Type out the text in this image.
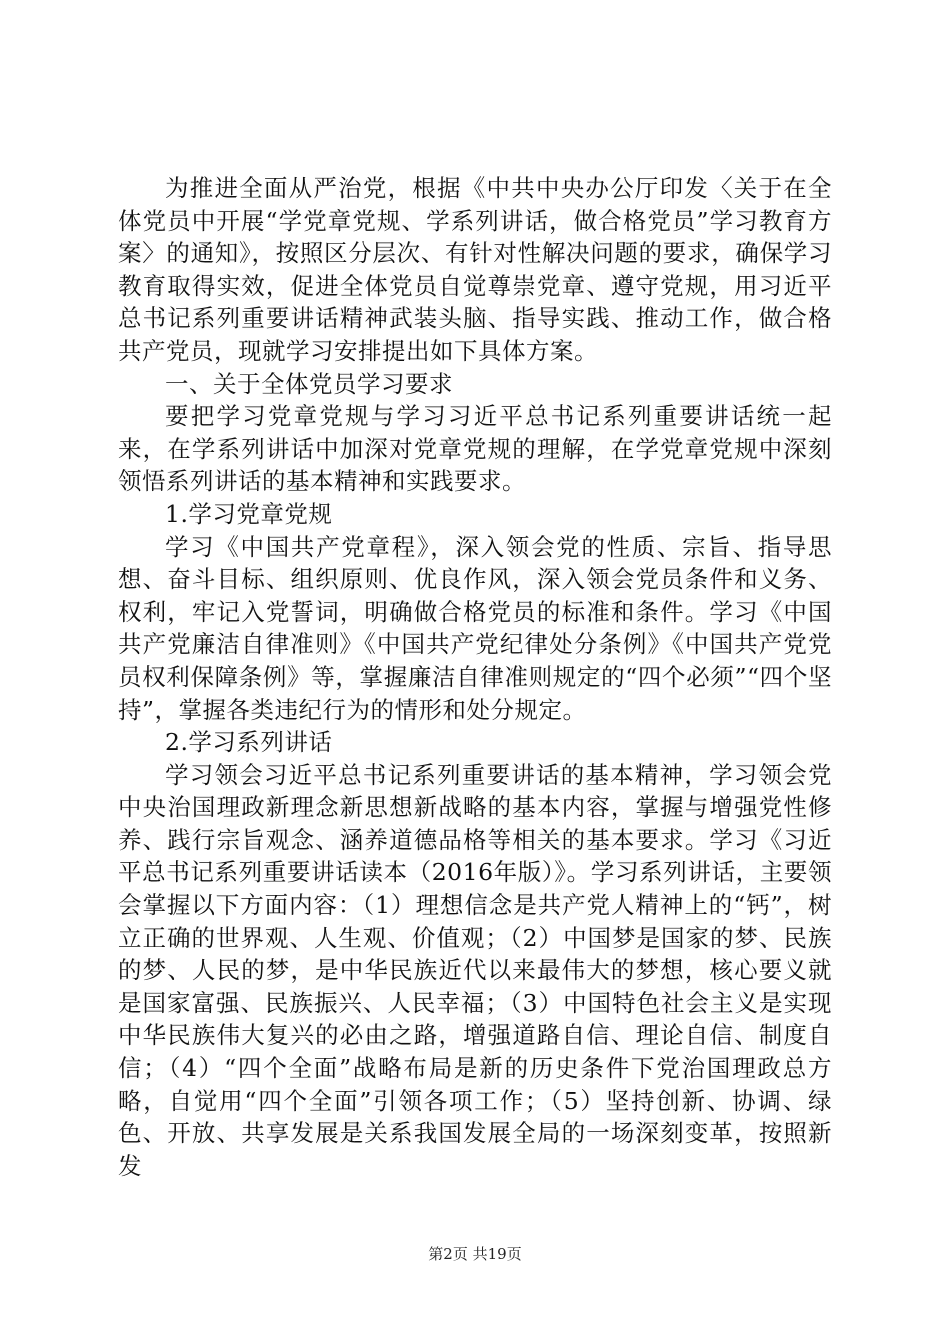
为推进全面从严治党，根据《中共中央办公厅印发〈关于在全体党员中开展“学党章党规、学系列讲话，做合格党员”学习教育方案〉的通知》，按照区分层次、有针对性解决问题的要求，确保学习教育取得实效，促进全体党员自觉尊崇党章、遵守党规，用习近平总书记系列重要讲话精神武装头脑、指导实践、推动工作，做合格共产党员，现就学习安排提出如下具体方案。

一、关于全体党员学习要求

要把学习党章党规与学习习近平总书记系列重要讲话统一起来，在学系列讲话中加深对党章党规的理解，在学党章党规中深刻领悟系列讲话的基本精神和实践要求。

1.学习党章党规

学习《中国共产党章程》，深入领会党的性质、宗旨、指导思想、奋斗目标、组织原则、优良作风，深入领会党员条件和义务、权利，牢记入党誓词，明确做合格党员的标准和条件。学习《中国共产党廉洁自律准则》《中国共产党纪律处分条例》《中国共产党党员权利保障条例》等，掌握廉洁自律准则规定的“四个必须”“四个坚持”，掌握各类违纪行为的情形和处分规定。

2.学习系列讲话

学习领会习近平总书记系列重要讲话的基本精神，学习领会党中央治国理政新理念新思想新战略的基本内容，掌握与增强党性修养、践行宗旨观念、涵养道德品格等相关的基本要求。学习《习近平总书记系列重要讲话读本（2016年版）》。学习系列讲话，主要领会掌握以下方面内容：（1）理想信念是共产党人精神上的“钙”，树立正确的世界观、人生观、价值观；（2）中国梦是国家的梦、民族的梦、人民的梦，是中华民族近代以来最伟大的梦想，核心要义就是国家富强、民族振兴、人民幸福；（3）中国特色社会主义是实现中华民族伟大复兴的必由之路，增强道路自信、理论自信、制度自信；（4）“四个全面”战略布局是新的历史条件下党治国理政总方略，自觉用“四个全面”引领各项工作；（5）坚持创新、协调、绿色、开放、共享发展是关系我国发展全局的一场深刻变革，按照新发

第2页 共19页
